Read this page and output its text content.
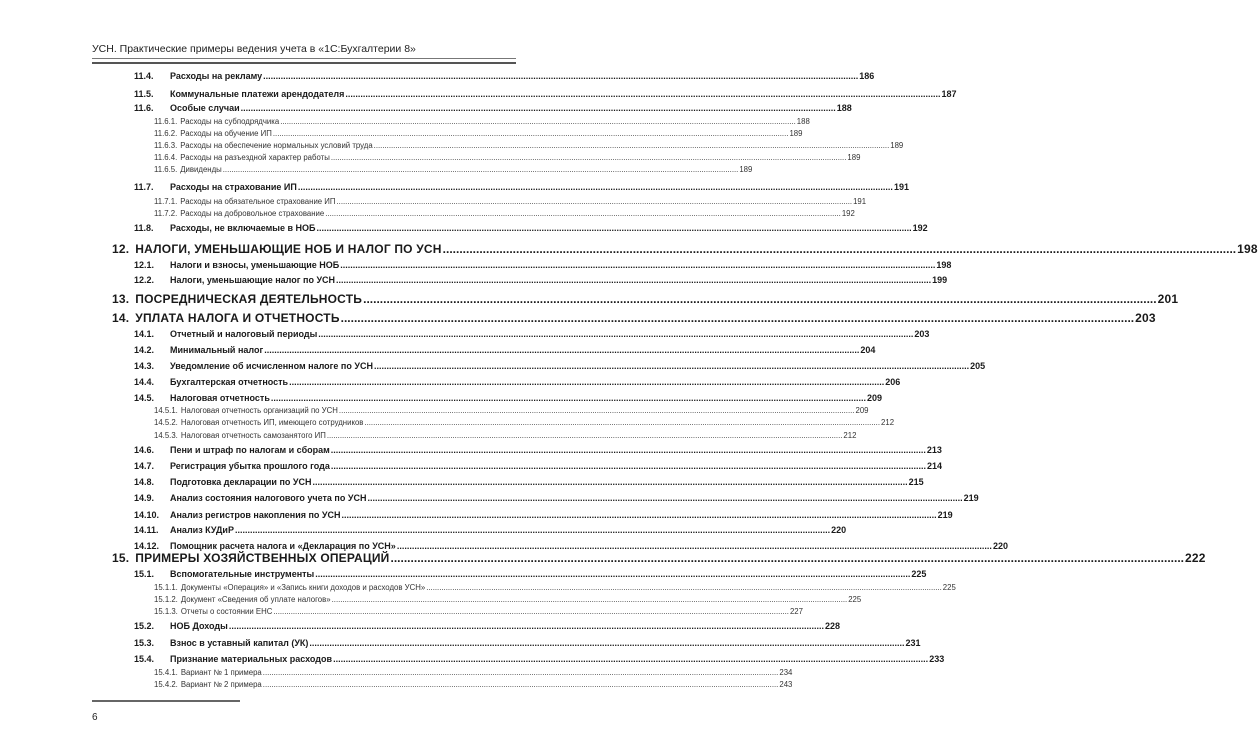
УСН. Практические примеры ведения учета в «1С:Бухгалтерии 8»
11.4.	Расходы на рекламу .....	186
11.5.	Коммунальные платежи арендодателя .....	187
11.6.	Особые случаи .....	188
11.6.1. Расходы на субподрядчика .....	188
11.6.2. Расходы на обучение ИП .....	189
11.6.3. Расходы на обеспечение нормальных условий труда .....	189
11.6.4. Расходы на разъездной характер работы .....	189
11.6.5. Дивиденды .....	189
11.7.	Расходы на страхование ИП .....	191
11.7.1. Расходы на обязательное страхование ИП .....	191
11.7.2. Расходы на добровольное страхование .....	192
11.8.	Расходы, не включаемые в НОБ .....	192
12. НАЛОГИ, УМЕНЬШАЮЩИЕ НОБ И НАЛОГ ПО УСН .....	198
12.1.	Налоги и взносы, уменьшающие НОБ .....	198
12.2.	Налоги, уменьшающие налог по УСН .....	199
13. ПОСРЕДНИЧЕСКАЯ ДЕЯТЕЛЬНОСТЬ .....	201
14. УПЛАТА НАЛОГА И ОТЧЕТНОСТЬ .....	203
14.1.	Отчетный и налоговый периоды .....	203
14.2.	Минимальный налог .....	204
14.3.	Уведомление об исчисленном налоге по УСН .....	205
14.4.	Бухгалтерская отчетность .....	206
14.5.	Налоговая отчетность .....	209
14.5.1. Налоговая отчетность организаций по УСН .....	209
14.5.2. Налоговая отчетность ИП, имеющего сотрудников .....	212
14.5.3. Налоговая отчетность самозанятого ИП .....	212
14.6.	Пени и штраф по налогам и сборам .....	213
14.7.	Регистрация убытка прошлого года .....	214
14.8.	Подготовка декларации по УСН .....	215
14.9.	Анализ состояния налогового учета по УСН .....	219
14.10.	Анализ регистров накопления по УСН .....	219
14.11.	Анализ КУДиР .....	220
14.12.	Помощник расчета налога и «Декларация по УСН» .....	220
15. ПРИМЕРЫ ХОЗЯЙСТВЕННЫХ ОПЕРАЦИЙ .....	222
15.1.	Вспомогательные инструменты .....	225
15.1.1. Документы «Операция» и «Запись книги доходов и расходов УСН» .....	225
15.1.2. Документ «Сведения об уплате налогов» .....	225
15.1.3. Отчеты о состоянии ЕНС .....	227
15.2.	НОБ Доходы .....	228
15.3.	Взнос в уставный капитал (УК) .....	231
15.4.	Признание материальных расходов .....	233
15.4.1. Вариант № 1 примера .....	234
15.4.2. Вариант № 2 примера .....	243
6
